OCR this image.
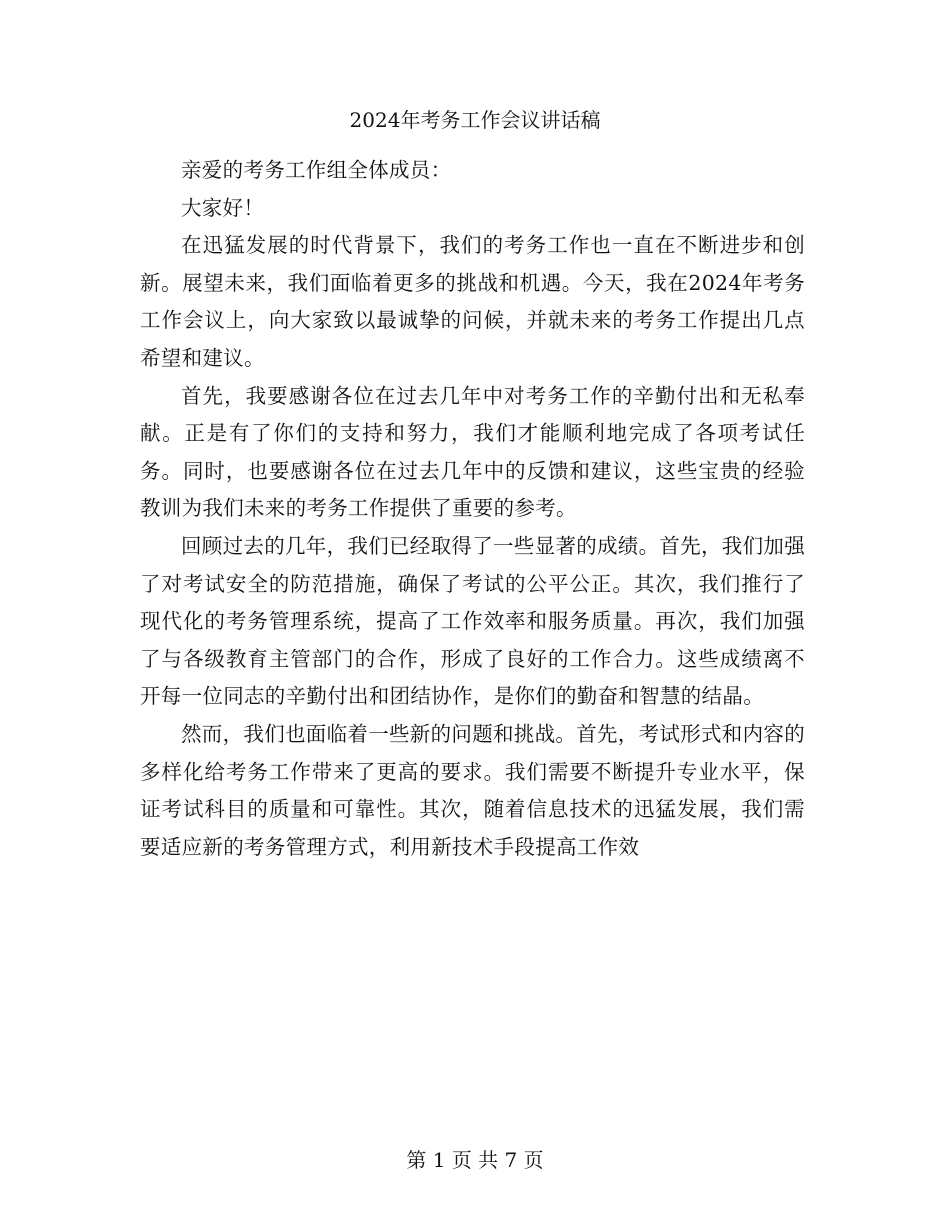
2024年考务工作会议讲话稿

亲爱的考务工作组全体成员：

大家好！

在迅猛发展的时代背景下，我们的考务工作也一直在不断进步和创新。展望未来，我们面临着更多的挑战和机遇。今天，我在2024年考务工作会议上，向大家致以最诚挚的问候，并就未来的考务工作提出几点希望和建议。

首先，我要感谢各位在过去几年中对考务工作的辛勤付出和无私奉献。正是有了你们的支持和努力，我们才能顺利地完成了各项考试任务。同时，也要感谢各位在过去几年中的反馈和建议，这些宝贵的经验教训为我们未来的考务工作提供了重要的参考。

回顾过去的几年，我们已经取得了一些显著的成绩。首先，我们加强了对考试安全的防范措施，确保了考试的公平公正。其次，我们推行了现代化的考务管理系统，提高了工作效率和服务质量。再次，我们加强了与各级教育主管部门的合作，形成了良好的工作合力。这些成绩离不开每一位同志的辛勤付出和团结协作，是你们的勤奋和智慧的结晶。

然而，我们也面临着一些新的问题和挑战。首先，考试形式和内容的多样化给考务工作带来了更高的要求。我们需要不断提升专业水平，保证考试科目的质量和可靠性。其次，随着信息技术的迅猛发展，我们需要适应新的考务管理方式，利用新技术手段提高工作效

第 1 页 共 7 页
